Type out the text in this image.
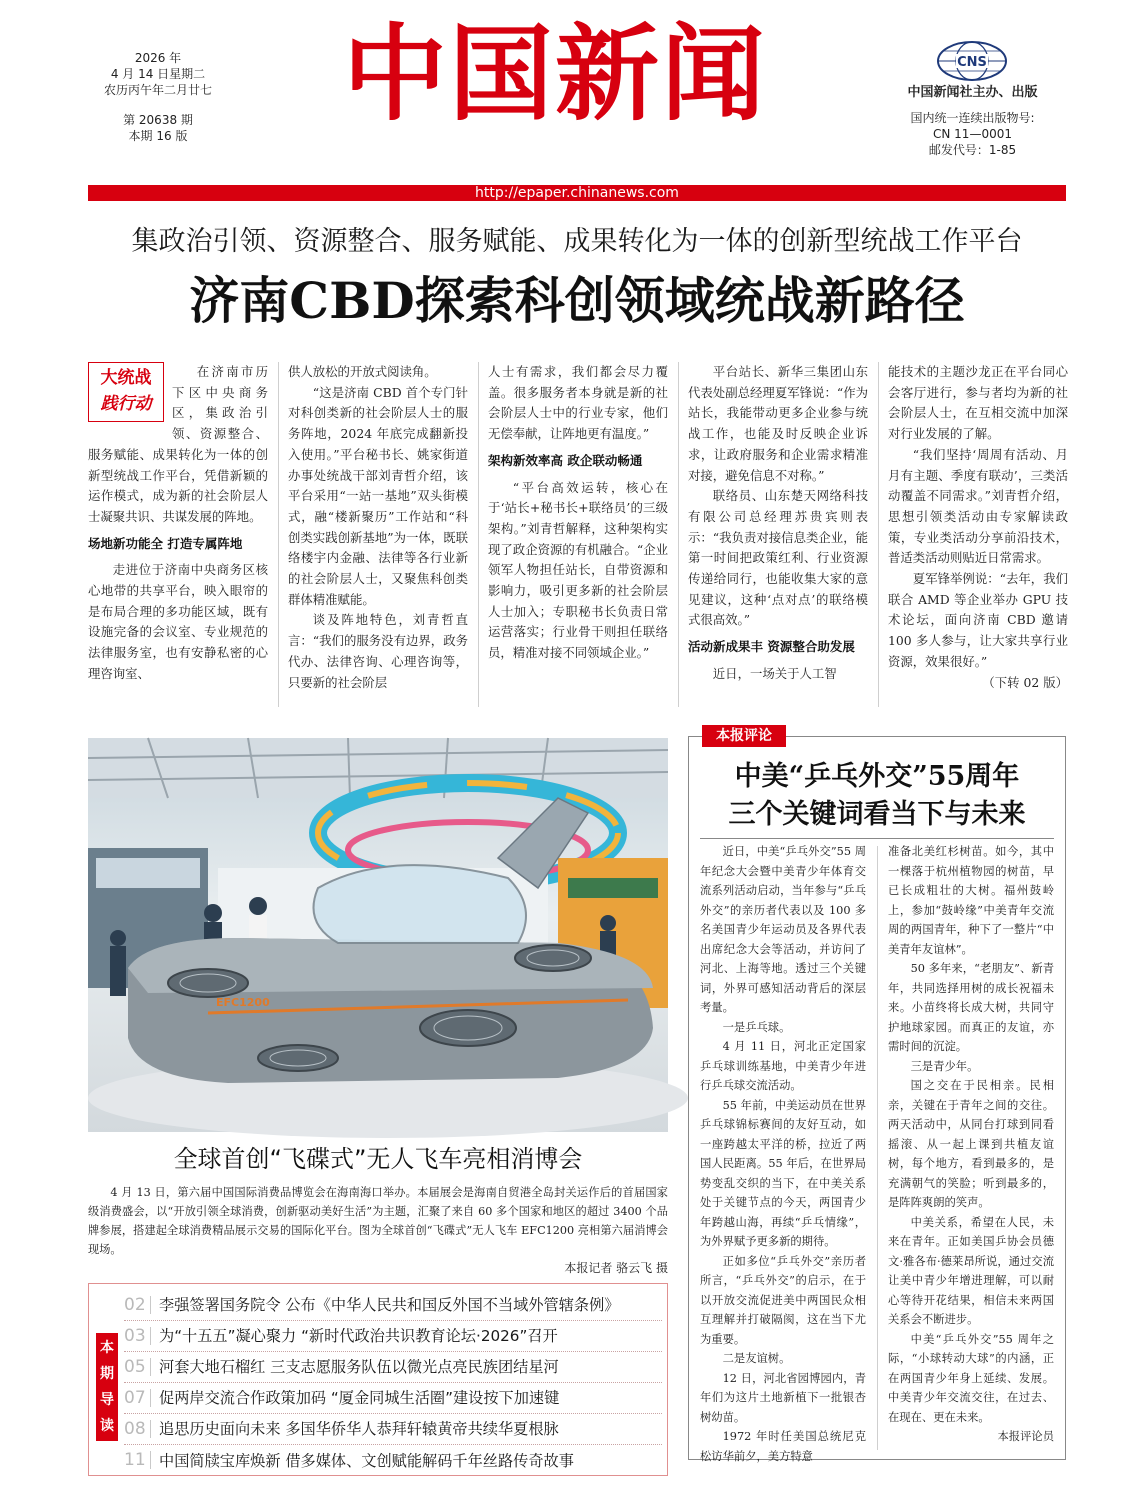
2026 年
4 月 14 日星期二
农历丙午年二月廿七
第 20638 期
本期 16 版
中国新闻	CNS
中国新闻社主办、出版
国内统一连续出版物号:
CN 11—0001
邮发代号：1-85
http://epaper.chinanews.com
集政治引领、资源整合、服务赋能、成果转化为一体的创新型统战工作平台
济南CBD探索科创领域统战新路径
大统战
践行动

在济南市历下区中央商务区，集政治引领、资源整合、服务赋能、成果转化为一体的创新型统战工作平台，凭借新颖的运作模式，成为新的社会阶层人士凝聚共识、共谋发展的阵地。

场地新功能全 打造专属阵地

走进位于济南中央商务区核心地带的共享平台，映入眼帘的是布局合理的多功能区域，既有设施完备的会议室、专业规范的法律服务室，也有安静私密的心理咨询室、

供人放松的开放式阅读角。

“这是济南 CBD 首个专门针对科创类新的社会阶层人士的服务阵地，2024 年底完成翻新投入使用。”平台秘书长、姚家街道办事处统战干部刘青哲介绍，该平台采用“一站一基地”双头街模式，融“楼新聚历”工作站和“科创类实践创新基地”为一体，既联络楼宇内金融、法律等各行业新的社会阶层人士，又聚焦科创类群体精准赋能。

谈及阵地特色，刘青哲直言：“我们的服务没有边界，政务代办、法律咨询、心理咨询等，只要新的社会阶层

人士有需求，我们都会尽力覆盖。很多服务者本身就是新的社会阶层人士中的行业专家，他们无偿奉献，让阵地更有温度。”

架构新效率高 政企联动畅通

“平台高效运转，核心在于‘站长+秘书长+联络员’的三级架构。”刘青哲解释，这种架构实现了政企资源的有机融合。“企业领军人物担任站长，自带资源和影响力，吸引更多新的社会阶层人士加入；专职秘书长负责日常运营落实；行业骨干则担任联络员，精准对接不同领域企业。”

平台站长、新华三集团山东代表处副总经理夏军锋说：“作为站长，我能带动更多企业参与统战工作，也能及时反映企业诉求，让政府服务和企业需求精准对接，避免信息不对称。”

联络员、山东楚天网络科技有限公司总经理苏贵宾则表示：“我负责对接信息类企业，能第一时间把政策红利、行业资源传递给同行，也能收集大家的意见建议，这种‘点对点’的联络模式很高效。”

活动新成果丰 资源整合助发展

近日，一场关于人工智

能技术的主题沙龙正在平台同心会客厅进行，参与者均为新的社会阶层人士，在互相交流中加深对行业发展的了解。

“我们坚持‘周周有活动、月月有主题、季度有联动’，三类活动覆盖不同需求。”刘青哲介绍，思想引领类活动由专家解读政策，专业类活动分享前沿技术，普适类活动则贴近日常需求。

夏军锋举例说：“去年，我们联合 AMD 等企业举办 GPU 技术论坛，面向济南 CBD 邀请 100 多人参与，让大家共享行业资源，效果很好。”

（下转 02 版）

EFC1200
全球首创“飞碟式”无人飞车亮相消博会
4 月 13 日，第六届中国国际消费品博览会在海南海口举办。本届展会是海南自贸港全岛封关运作后的首届国家级消费盛会，以“开放引领全球消费，创新驱动美好生活”为主题，汇聚了来自 60 多个国家和地区的超过 3400 个品牌参展，搭建起全球消费精品展示交易的国际化平台。图为全球首创“飞碟式”无人飞车 EFC1200 亮相第六届消博会现场。
本报记者 骆云飞 摄
本报评论
中美“乒乓外交”55周年
三个关键词看当下与未来

近日，中美“乒乓外交”55 周年纪念大会暨中美青少年体育交流系列活动启动，当年参与“乒乓外交”的亲历者代表以及 100 多名美国青少年运动员及各界代表出席纪念大会等活动，并访问了河北、上海等地。透过三个关键词，外界可感知活动背后的深层考量。

一是乒乓球。

4 月 11 日，河北正定国家乒乓球训练基地，中美青少年进行乒乓球交流活动。

55 年前，中美运动员在世界乒乓球锦标赛间的友好互动，如一座跨越太平洋的桥，拉近了两国人民距离。55 年后，在世界局势变乱交织的当下，在中美关系处于关键节点的今天，两国青少年跨越山海，再续“乒乓情缘”，为外界赋予更多新的期待。

正如多位“乒乓外交”亲历者所言，“乒乓外交”的启示，在于以开放交流促进美中两国民众相互理解并打破隔阂，这在当下尤为重要。

二是友谊树。

12 日，河北省园博园内，青年们为这片土地新植下一批银杏树幼苗。

1972 年时任美国总统尼克松访华前夕，美方特意

准备北美红杉树苗。如今，其中一棵落于杭州植物园的树苗，早已长成粗壮的大树。福州鼓岭上，参加“鼓岭缘”中美青年交流周的两国青年，种下了一整片“中美青年友谊林”。

50 多年来，“老朋友”、新青年，共同选择用树的成长祝福未来。小苗终将长成大树，共同守护地球家园。而真正的友谊，亦需时间的沉淀。

三是青少年。

国之交在于民相亲。民相亲，关键在于青年之间的交往。两天活动中，从同台打球到同看摇滚、从一起上课到共植友谊树，每个地方，看到最多的，是充满朝气的笑脸；听到最多的，是阵阵爽朗的笑声。

中美关系，希望在人民，未来在青年。正如美国乒协会员德文·雅各布·德莱昂所说，通过交流让美中青少年增进理解，可以耐心等待开花结果，相信未来两国关系会不断进步。

中美“乒乓外交”55 周年之际，“小球转动大球”的内涵，正在两国青少年身上延续、发展。中美青少年交流交往，在过去、在现在、更在未来。

本报评论员

本
期
导
读
02 李强签署国务院令 公布《中华人民共和国反外国不当域外管辖条例》
03 为“十五五”凝心聚力 “新时代政治共识教育论坛·2026”召开
05 河套大地石榴红 三支志愿服务队伍以微光点亮民族团结星河
07 促两岸交流合作政策加码 “厦金同城生活圈”建设按下加速键
08 追思历史面向未来 多国华侨华人恭拜轩辕黄帝共续华夏根脉
11 中国简牍宝库焕新 借多媒体、文创赋能解码千年丝路传奇故事
